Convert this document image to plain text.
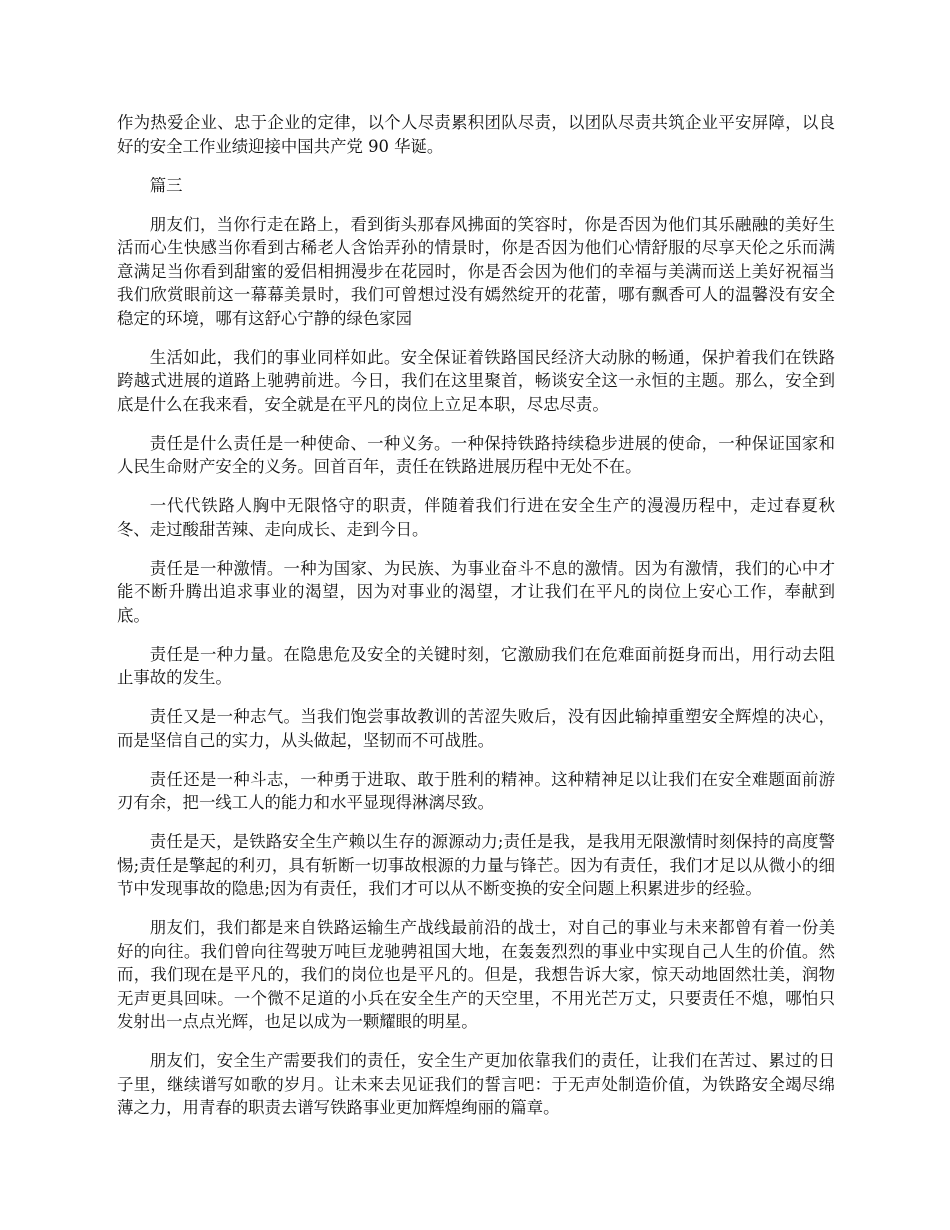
作为热爱企业、忠于企业的定律，以个人尽责累积团队尽责，以团队尽责共筑企业平安屏障，以良好的安全工作业绩迎接中国共产党 90 华诞。

篇三

朋友们，当你行走在路上，看到街头那春风拂面的笑容时，你是否因为他们其乐融融的美好生活而心生快感当你看到古稀老人含饴弄孙的情景时，你是否因为他们心情舒服的尽享天伦之乐而满意满足当你看到甜蜜的爱侣相拥漫步在花园时，你是否会因为他们的幸福与美满而送上美好祝福当我们欣赏眼前这一幕幕美景时，我们可曾想过没有嫣然绽开的花蕾，哪有飘香可人的温馨没有安全稳定的环境，哪有这舒心宁静的绿色家园

生活如此，我们的事业同样如此。安全保证着铁路国民经济大动脉的畅通，保护着我们在铁路跨越式进展的道路上驰骋前进。今日，我们在这里聚首，畅谈安全这一永恒的主题。那么，安全到底是什么在我来看，安全就是在平凡的岗位上立足本职，尽忠尽责。

责任是什么责任是一种使命、一种义务。一种保持铁路持续稳步进展的使命，一种保证国家和人民生命财产安全的义务。回首百年，责任在铁路进展历程中无处不在。

一代代铁路人胸中无限恪守的职责，伴随着我们行进在安全生产的漫漫历程中，走过春夏秋冬、走过酸甜苦辣、走向成长、走到今日。

责任是一种激情。一种为国家、为民族、为事业奋斗不息的激情。因为有激情，我们的心中才能不断升腾出追求事业的渴望，因为对事业的渴望，才让我们在平凡的岗位上安心工作，奉献到底。

责任是一种力量。在隐患危及安全的关键时刻，它激励我们在危难面前挺身而出，用行动去阻止事故的发生。

责任又是一种志气。当我们饱尝事故教训的苦涩失败后，没有因此输掉重塑安全辉煌的决心，而是坚信自己的实力，从头做起，坚韧而不可战胜。

责任还是一种斗志，一种勇于进取、敢于胜利的精神。这种精神足以让我们在安全难题面前游刃有余，把一线工人的能力和水平显现得淋漓尽致。

责任是天，是铁路安全生产赖以生存的源源动力;责任是我，是我用无限激情时刻保持的高度警惕;责任是擎起的利刃，具有斩断一切事故根源的力量与锋芒。因为有责任，我们才足以从微小的细节中发现事故的隐患;因为有责任，我们才可以从不断变换的安全问题上积累进步的经验。

朋友们，我们都是来自铁路运输生产战线最前沿的战士，对自己的事业与未来都曾有着一份美好的向往。我们曾向往驾驶万吨巨龙驰骋祖国大地，在轰轰烈烈的事业中实现自己人生的价值。然而，我们现在是平凡的，我们的岗位也是平凡的。但是，我想告诉大家，惊天动地固然壮美，润物无声更具回味。一个微不足道的小兵在安全生产的天空里，不用光芒万丈，只要责任不熄，哪怕只发射出一点点光辉，也足以成为一颗耀眼的明星。

朋友们，安全生产需要我们的责任，安全生产更加依靠我们的责任，让我们在苦过、累过的日子里，继续谱写如歌的岁月。让未来去见证我们的誓言吧：于无声处制造价值，为铁路安全竭尽绵薄之力，用青春的职责去谱写铁路事业更加辉煌绚丽的篇章。
